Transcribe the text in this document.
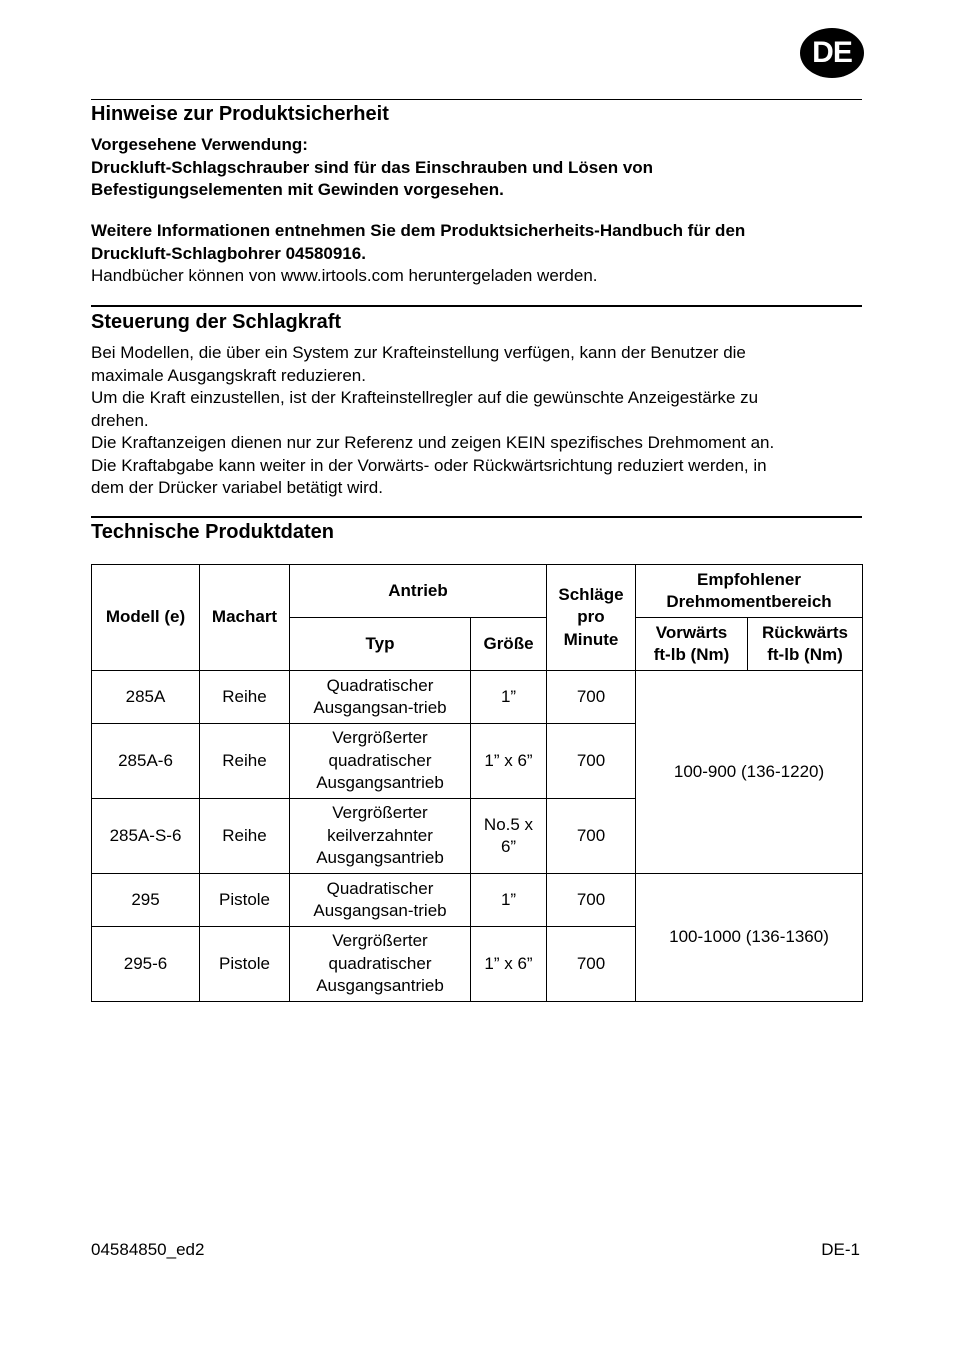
DE
Hinweise zur Produktsicherheit
Vorgesehene Verwendung:
Druckluft-Schlagschrauber sind für das Einschrauben und Lösen von
Befestigungselementen mit Gewinden vorgesehen.
Weitere Informationen entnehmen Sie dem Produktsicherheits-Handbuch für den
Druckluft-Schlagbohrer 04580916.
Handbücher können von www.irtools.com heruntergeladen werden.
Steuerung der Schlagkraft
Bei Modellen, die über ein System zur Krafteinstellung verfügen, kann der Benutzer die
maximale Ausgangskraft reduzieren.
Um die Kraft einzustellen, ist der Krafteinstellregler auf die gewünschte Anzeigestärke zu
drehen.
Die Kraftanzeigen dienen nur zur Referenz und zeigen KEIN spezifisches Drehmoment an.
Die Kraftabgabe kann weiter in der Vorwärts- oder Rückwärtsrichtung reduziert werden, in
dem der Drücker variabel betätigt wird.
Technische Produktdaten
Modell (e)	Machart	Antrieb		Schläge
pro
Minute	Empfohlener
Drehmomentbereich	

		Typ	Größe		Vorwärts
ft-lb (Nm)	Rückwärts
ft-lb (Nm)

285A	Reihe	Quadratischer
Ausgangsan-trieb	1”	700	100-900 (136-1220)	
285A-6	Reihe	Vergrößerter
quadratischer
Ausgangsantrieb	1” x 6”	700		
285A-S-6	Reihe	Vergrößerter
keilverzahnter
Ausgangsantrieb	No.5 x
6”	700		
295	Pistole	Quadratischer
Ausgangsan-trieb	1”	700	100-1000 (136-1360)	
295-6	Pistole	Vergrößerter
quadratischer
Ausgangsantrieb	1” x 6”	700		
04584850_ed2	DE-1
